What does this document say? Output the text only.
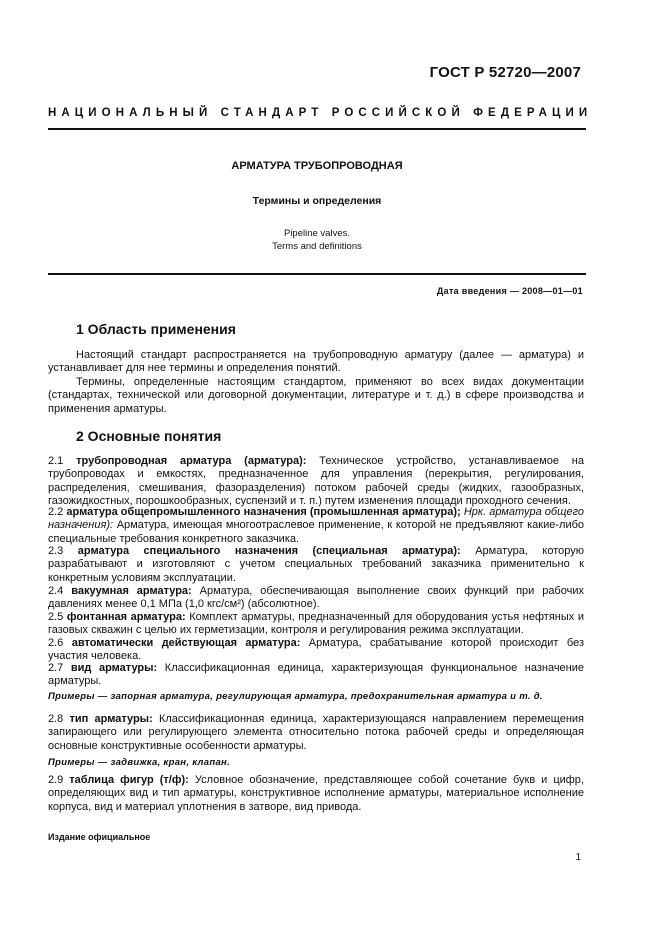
ГОСТ Р 52720—2007
НАЦИОНАЛЬНЫЙ СТАНДАРТ РОССИЙСКОЙ ФЕДЕРАЦИИ
АРМАТУРА ТРУБОПРОВОДНАЯ
Термины и определения
Pipeline valves.
Terms and definitions
Дата введения — 2008—01—01
1 Область применения
Настоящий стандарт распространяется на трубопроводную арматуру (далее — арматура) и устанавливает для нее термины и определения понятий.
Термины, определенные настоящим стандартом, применяют во всех видах документации (стандартах, технической или договорной документации, литературе и т. д.) в сфере производства и применения арматуры.
2 Основные понятия
2.1 трубопроводная арматура (арматура): Техническое устройство, устанавливаемое на трубопроводах и емкостях, предназначенное для управления (перекрытия, регулирования, распределения, смешивания, фазоразделения) потоком рабочей среды (жидких, газообразных, газожидкостных, порошкообразных, суспензий и т. п.) путем изменения площади проходного сечения.
2.2 арматура общепромышленного назначения (промышленная арматура); Нрк. арматура общего назначения): Арматура, имеющая многоотраслевое применение, к которой не предъявляют какие-либо специальные требования конкретного заказчика.
2.3 арматура специального назначения (специальная арматура): Арматура, которую разрабатывают и изготовляют с учетом специальных требований заказчика применительно к конкретным условиям эксплуатации.
2.4 вакуумная арматура: Арматура, обеспечивающая выполнение своих функций при рабочих давлениях менее 0,1 МПа (1,0 кгс/см²) (абсолютное).
2.5 фонтанная арматура: Комплект арматуры, предназначенный для оборудования устья нефтяных и газовых скважин с целью их герметизации, контроля и регулирования режима эксплуатации.
2.6 автоматически действующая арматура: Арматура, срабатывание которой происходит без участия человека.
2.7 вид арматуры: Классификационная единица, характеризующая функциональное назначение арматуры.
Примеры — запорная арматура, регулирующая арматура, предохранительная арматура и т. д.
2.8 тип арматуры: Классификационная единица, характеризующаяся направлением перемещения запирающего или регулирующего элемента относительно потока рабочей среды и определяющая основные конструктивные особенности арматуры.
Примеры — задвижка, кран, клапан.
2.9 таблица фигур (т/ф): Условное обозначение, представляющее собой сочетание букв и цифр, определяющих вид и тип арматуры, конструктивное исполнение арматуры, материальное исполнение корпуса, вид и материал уплотнения в затворе, вид привода.
Издание официальное
1
